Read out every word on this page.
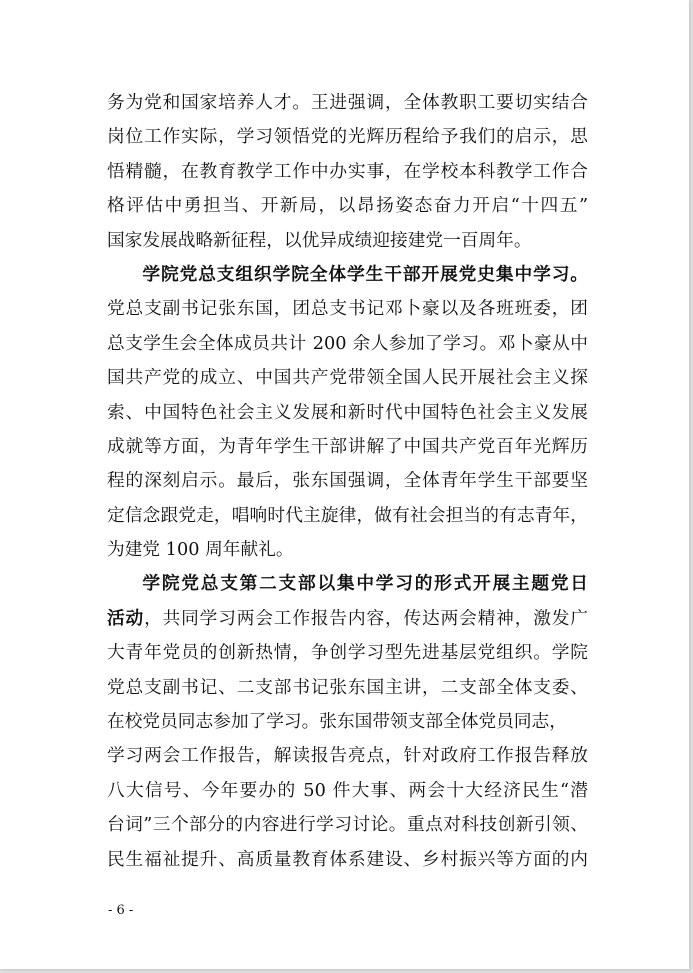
务为党和国家培养人才。王进强调，全体教职工要切实结合
岗位工作实际，学习领悟党的光辉历程给予我们的启示，思
悟精髓，在教育教学工作中办实事，在学校本科教学工作合
格评估中勇担当、开新局，以昂扬姿态奋力开启“十四五”
国家发展战略新征程，以优异成绩迎接建党一百周年。
学院党总支组织学院全体学生干部开展党史集中学习。
党总支副书记张东国，团总支书记邓卜豪以及各班班委，团
总支学生会全体成员共计 200 余人参加了学习。邓卜豪从中
国共产党的成立、中国共产党带领全国人民开展社会主义探
索、中国特色社会主义发展和新时代中国特色社会主义发展
成就等方面，为青年学生干部讲解了中国共产党百年光辉历
程的深刻启示。最后，张东国强调，全体青年学生干部要坚
定信念跟党走，唱响时代主旋律，做有社会担当的有志青年，
为建党 100 周年献礼。
学院党总支第二支部以集中学习的形式开展主题党日
活动，共同学习两会工作报告内容，传达两会精神，激发广
大青年党员的创新热情，争创学习型先进基层党组织。学院
党总支副书记、二支部书记张东国主讲，二支部全体支委、
在校党员同志参加了学习。张东国带领支部全体党员同志，
学习两会工作报告，解读报告亮点，针对政府工作报告释放
八大信号、今年要办的 50 件大事、两会十大经济民生“潜
台词”三个部分的内容进行学习讨论。重点对科技创新引领、
民生福祉提升、高质量教育体系建设、乡村振兴等方面的内
- 6 -
